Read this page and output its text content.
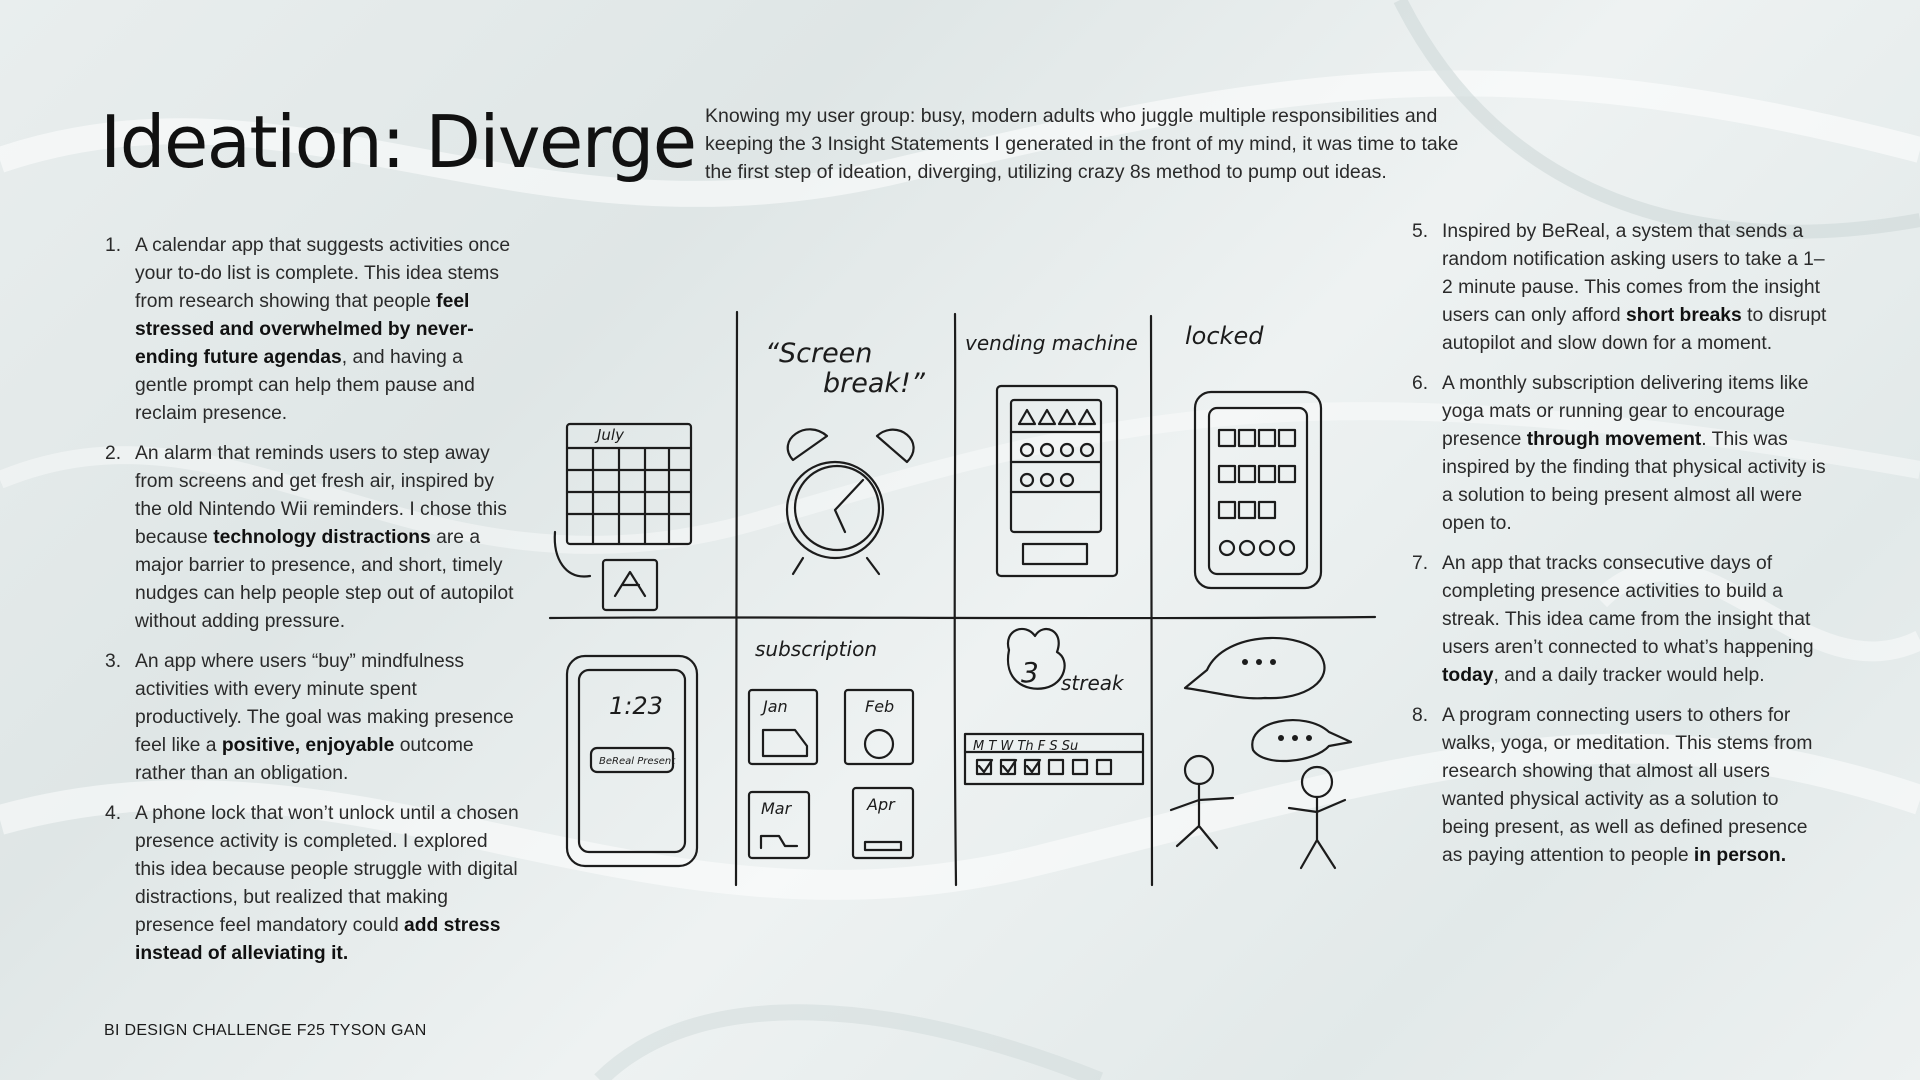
Ideation: Diverge Knowing my user group: busy, modern adults who juggle multiple responsibilities and keeping the 3 Insight Statements I generated in the front of my mind, it was time to take the first step of ideation, diverging, utilizing crazy 8s method to pump out ideas.

1. A calendar app that suggests activities once your to-do list is complete. This idea stems from research showing that people feel stressed and overwhelmed by never-ending future agendas, and having a gentle prompt can help them pause and reclaim presence.
2. An alarm that reminds users to step away from screens and get fresh air, inspired by the old Nintendo Wii reminders. I chose this because technology distractions are a major barrier to presence, and short, timely nudges can help people step out of autopilot without adding pressure.
3. An app where users “buy” mindfulness activities with every minute spent productively. The goal was making presence feel like a positive, enjoyable outcome rather than an obligation.
4. A phone lock that won’t unlock until a chosen presence activity is completed. I explored this idea because people struggle with digital distractions, but realized that making presence feel mandatory could add stress instead of alleviating it.
5. Inspired by BeReal, a system that sends a random notification asking users to take a 1–2 minute pause. This comes from the insight users can only afford short breaks to disrupt autopilot and slow down for a moment.
6. A monthly subscription delivering items like yoga mats or running gear to encourage presence through movement. This was inspired by the finding that physical activity is a solution to being present almost all were open to.
7. An app that tracks consecutive days of completing presence activities to build a streak. This idea came from the insight that users aren’t connected to what’s happening today, and a daily tracker would help.
8. A program connecting users to others for walks, yoga, or meditation. This stems from research showing that almost all users wanted physical activity as a solution to being present, as well as defined presence as paying attention to people in person.
July
“Screen
break!”
vending machine locked
1:23
BeReal Present
subscription
Jan	Feb
Mar	Apr
3 streak
M T W Th F S Su
BI DESIGN CHALLENGE F25 TYSON GAN
